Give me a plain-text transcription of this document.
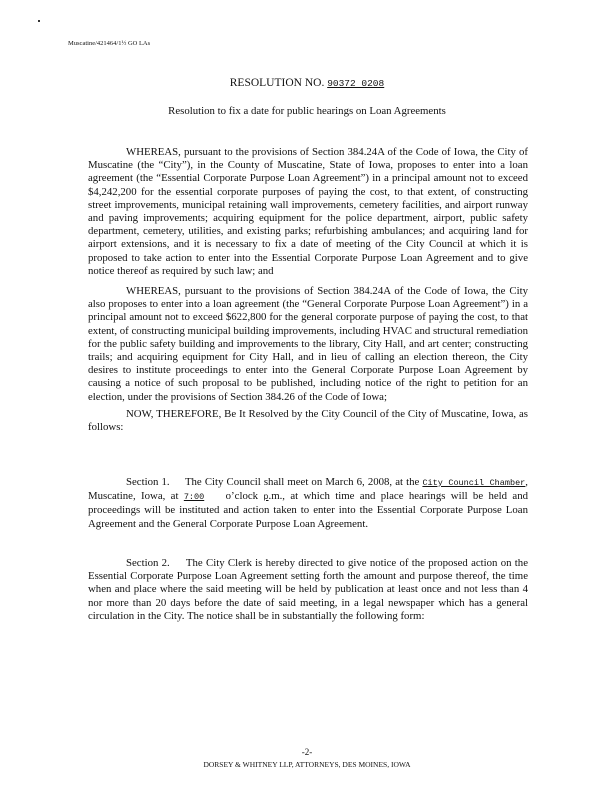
Muscatine/421464/1½ GO LAs
RESOLUTION NO. 90372 0208
Resolution to fix a date for public hearings on Loan Agreements
WHEREAS, pursuant to the provisions of Section 384.24A of the Code of Iowa, the City of Muscatine (the “City”), in the County of Muscatine, State of Iowa, proposes to enter into a loan agreement (the “Essential Corporate Purpose Loan Agreement”) in a principal amount not to exceed $4,242,200 for the essential corporate purposes of paying the cost, to that extent, of constructing street improvements, municipal retaining wall improvements, cemetery facilities, and airport runway and paving improvements; acquiring equipment for the police department, airport, public safety department, cemetery, utilities, and existing parks; refurbishing ambulances; and acquiring land for airport extensions, and it is necessary to fix a date of meeting of the City Council at which it is proposed to take action to enter into the Essential Corporate Purpose Loan Agreement and to give notice thereof as required by such law; and
WHEREAS, pursuant to the provisions of Section 384.24A of the Code of Iowa, the City also proposes to enter into a loan agreement (the “General Corporate Purpose Loan Agreement”) in a principal amount not to exceed $622,800 for the general corporate purpose of paying the cost, to that extent, of constructing municipal building improvements, including HVAC and structural remediation for the public safety building and improvements to the library, City Hall, and art center; constructing trails; and acquiring equipment for City Hall, and in lieu of calling an election thereon, the City desires to institute proceedings to enter into the General Corporate Purpose Loan Agreement by causing a notice of such proposal to be published, including notice of the right to petition for an election, under the provisions of Section 384.26 of the Code of Iowa;
NOW, THEREFORE, Be It Resolved by the City Council of the City of Muscatine, Iowa, as follows:
Section 1.     The City Council shall meet on March 6, 2008, at the City Council Chamber, Muscatine, Iowa, at 7:00 o’clock p.m., at which time and place hearings will be held and proceedings will be instituted and action taken to enter into the Essential Corporate Purpose Loan Agreement and the General Corporate Purpose Loan Agreement.
Section 2.     The City Clerk is hereby directed to give notice of the proposed action on the Essential Corporate Purpose Loan Agreement setting forth the amount and purpose thereof, the time when and place where the said meeting will be held by publication at least once and not less than 4 nor more than 20 days before the date of said meeting, in a legal newspaper which has a general circulation in the City. The notice shall be in substantially the following form:
-2-
DORSEY & WHITNEY LLP, ATTORNEYS, DES MOINES, IOWA
